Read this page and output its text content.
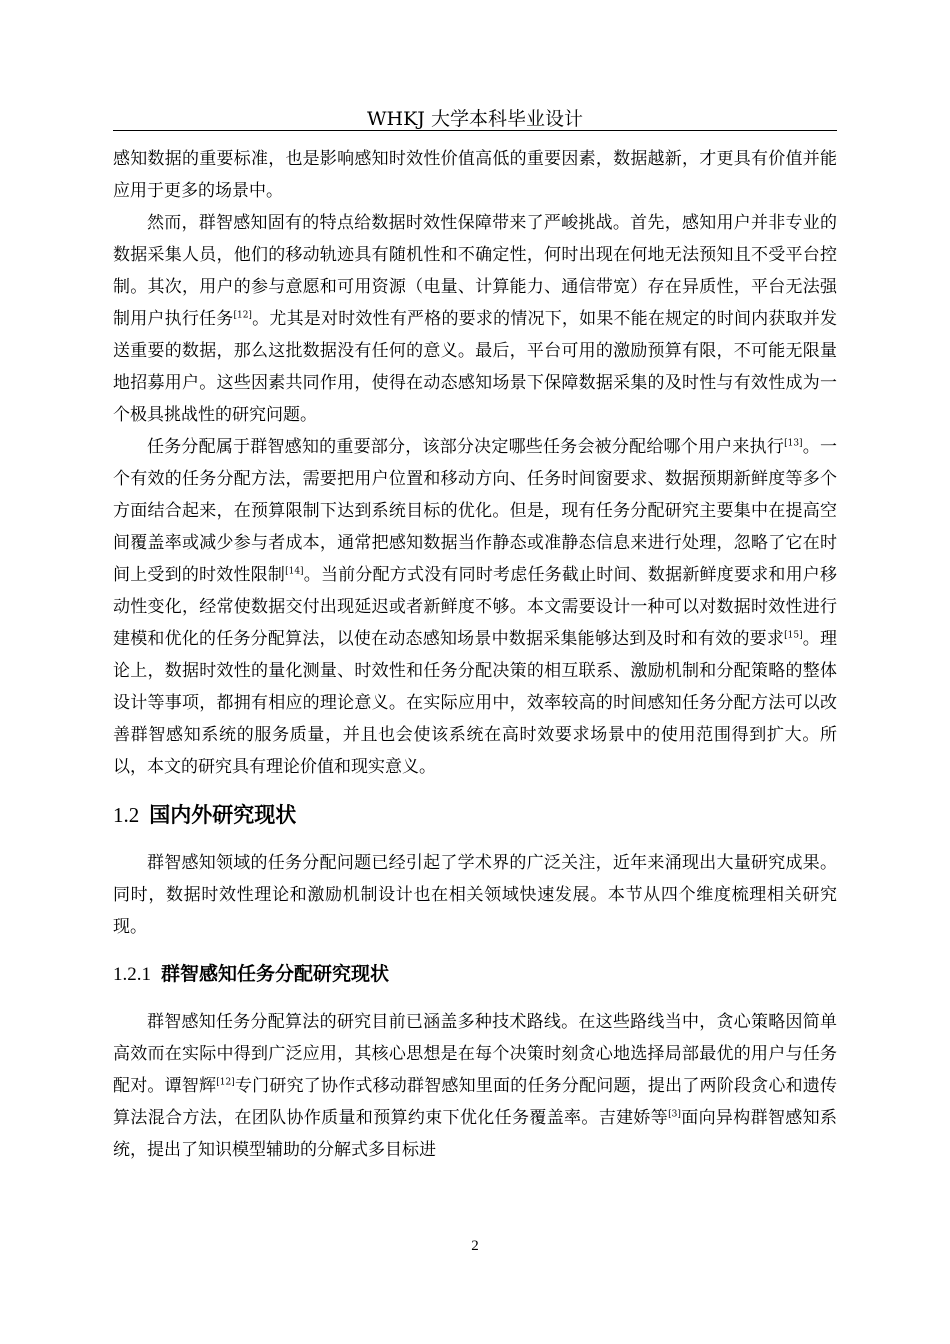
WHKJ 大学本科毕业设计

感知数据的重要标准，也是影响感知时效性价值高低的重要因素，数据越新，才更具有价值并能应用于更多的场景中。

然而，群智感知固有的特点给数据时效性保障带来了严峻挑战。首先，感知用户并非专业的数据采集人员，他们的移动轨迹具有随机性和不确定性，何时出现在何地无法预知且不受平台控制。其次，用户的参与意愿和可用资源（电量、计算能力、通信带宽）存在异质性，平台无法强制用户执行任务[12]。尤其是对时效性有严格的要求的情况下，如果不能在规定的时间内获取并发送重要的数据，那么这批数据没有任何的意义。最后，平台可用的激励预算有限，不可能无限量地招募用户。这些因素共同作用，使得在动态感知场景下保障数据采集的及时性与有效性成为一个极具挑战性的研究问题。

任务分配属于群智感知的重要部分，该部分决定哪些任务会被分配给哪个用户来执行[13]。一个有效的任务分配方法，需要把用户位置和移动方向、任务时间窗要求、数据预期新鲜度等多个方面结合起来，在预算限制下达到系统目标的优化。但是，现有任务分配研究主要集中在提高空间覆盖率或减少参与者成本，通常把感知数据当作静态或准静态信息来进行处理，忽略了它在时间上受到的时效性限制[14]。当前分配方式没有同时考虑任务截止时间、数据新鲜度要求和用户移动性变化，经常使数据交付出现延迟或者新鲜度不够。本文需要设计一种可以对数据时效性进行建模和优化的任务分配算法，以使在动态感知场景中数据采集能够达到及时和有效的要求[15]。理论上，数据时效性的量化测量、时效性和任务分配决策的相互联系、激励机制和分配策略的整体设计等事项，都拥有相应的理论意义。在实际应用中，效率较高的时间感知任务分配方法可以改善群智感知系统的服务质量，并且也会使该系统在高时效要求场景中的使用范围得到扩大。所以，本文的研究具有理论价值和现实意义。

1.2 国内外研究现状

群智感知领域的任务分配问题已经引起了学术界的广泛关注，近年来涌现出大量研究成果。同时，数据时效性理论和激励机制设计也在相关领域快速发展。本节从四个维度梳理相关研究现。

1.2.1 群智感知任务分配研究现状

群智感知任务分配算法的研究目前已涵盖多种技术路线。在这些路线当中，贪心策略因简单高效而在实际中得到广泛应用，其核心思想是在每个决策时刻贪心地选择局部最优的用户与任务配对。谭智辉[12]专门研究了协作式移动群智感知里面的任务分配问题，提出了两阶段贪心和遗传算法混合方法，在团队协作质量和预算约束下优化任务覆盖率。吉建娇等[3]面向异构群智感知系统，提出了知识模型辅助的分解式多目标进

2
